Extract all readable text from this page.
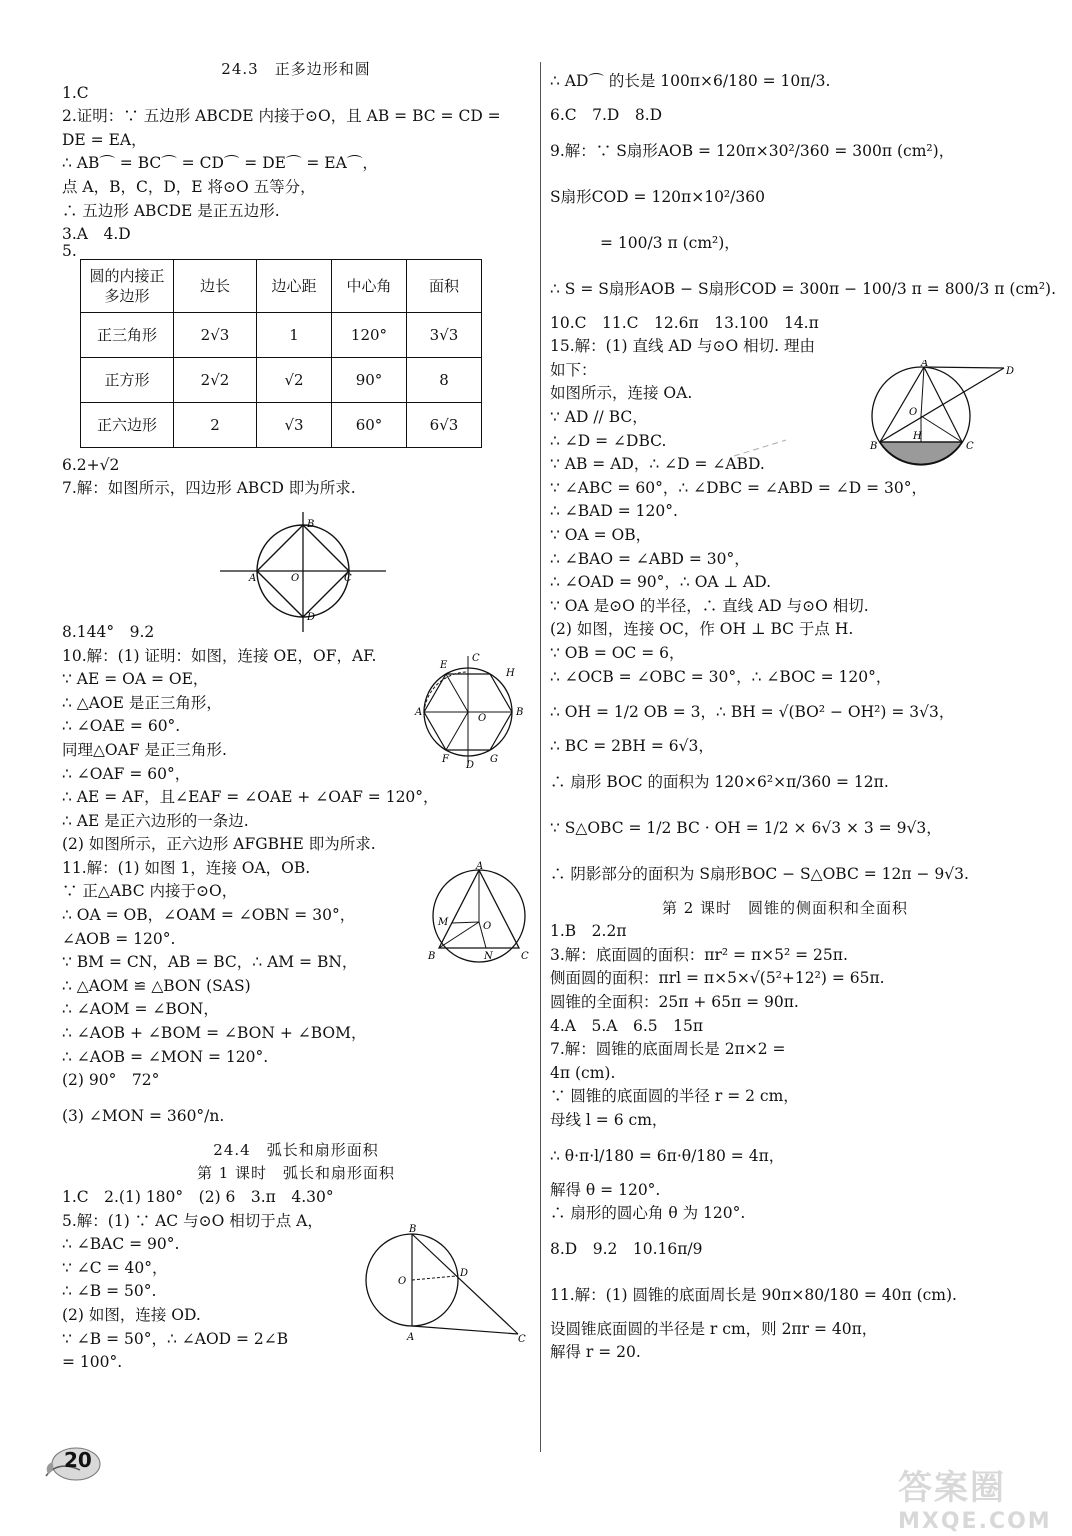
24.3　正多边形和圆
1.C
2.证明：∵ 五边形 ABCDE 内接于⊙O，且 AB = BC = CD =
DE = EA，
∴ AB⌒ = BC⌒ = CD⌒ = DE⌒ = EA⌒，
点 A，B，C，D，E 将⊙O 五等分，
∴ 五边形 ABCDE 是正五边形.
3.A　4.D
5.
圆的内接正多边形	边长	边心距	中心角	面积
正三角形	2√3	1	120°	3√3
正方形	2√2	√2	90°	8
正六边形	2	√3	60°	6√3
6.2+√2
7.解：如图所示，四边形 ABCD 即为所求.
8.144°　9.2
10.解：(1) 证明：如图，连接 OE，OF，AF.
∵ AE = OA = OE，
∴ △AOE 是正三角形，
∴ ∠OAE = 60°.
同理△OAF 是正三角形.
∴ ∠OAF = 60°，
∴ AE = AF，且∠EAF = ∠OAE + ∠OAF = 120°，
∴ AE 是正六边形的一条边.
(2) 如图所示，正六边形 AFGBHE 即为所求.
11.解：(1) 如图 1，连接 OA，OB.
∵ 正△ABC 内接于⊙O，
∴ OA = OB，∠OAM = ∠OBN = 30°，
∠AOB = 120°.
∵ BM = CN，AB = BC，∴ AM = BN，
∴ △AOM ≌ △BON (SAS)
∴ ∠AOM = ∠BON，
∴ ∠AOB + ∠BOM = ∠BON + ∠BOM，
∴ ∠AOB = ∠MON = 120°.
(2) 90°　72°
(3) ∠MON = 360°/n.
24.4　弧长和扇形面积
第 1 课时　弧长和扇形面积
1.C　2.(1) 180°　(2) 6　3.π　4.30°
5.解：(1) ∵ AC 与⊙O 相切于点 A，
∴ ∠BAC = 90°.
∵ ∠C = 40°，
∴ ∠B = 50°.
(2) 如图，连接 OD.
∵ ∠B = 50°，∴ ∠AOD = 2∠B
= 100°.
∴ AD⌒ 的长是 100π×6/180 = 10π/3.
6.C　7.D　8.D
9.解：∵ S扇形AOB = 120π×30²/360 = 300π (cm²)，
S扇形COD = 120π×10²/360
= 100/3 π (cm²)，
∴ S = S扇形AOB − S扇形COD = 300π − 100/3 π = 800/3 π (cm²).
10.C　11.C　12.6π　13.100　14.π
15.解：(1) 直线 AD 与⊙O 相切. 理由
如下：
如图所示，连接 OA.
∵ AD // BC，
∴ ∠D = ∠DBC.
∵ AB = AD，∴ ∠D = ∠ABD.
∵ ∠ABC = 60°，∴ ∠DBC = ∠ABD = ∠D = 30°，
∴ ∠BAD = 120°.
∵ OA = OB，
∴ ∠BAO = ∠ABD = 30°，
∴ ∠OAD = 90°，∴ OA ⊥ AD.
∵ OA 是⊙O 的半径，∴ 直线 AD 与⊙O 相切.
(2) 如图，连接 OC，作 OH ⊥ BC 于点 H.
∵ OB = OC = 6，
∴ ∠OCB = ∠OBC = 30°，∴ ∠BOC = 120°，
∴ OH = 1/2 OB = 3，∴ BH = √(BO² − OH²) = 3√3，
∴ BC = 2BH = 6√3，
∴ 扇形 BOC 的面积为 120×6²×π/360 = 12π.
∵ S△OBC = 1/2 BC · OH = 1/2 × 6√3 × 3 = 9√3，
∴ 阴影部分的面积为 S扇形BOC − S△OBC = 12π − 9√3.
第 2 课时　圆锥的侧面积和全面积
1.B　2.2π
3.解：底面圆的面积：πr² = π×5² = 25π.
侧面圆的面积：πrl = π×5×√(5²+12²) = 65π.
圆锥的全面积：25π + 65π = 90π.
4.A　5.A　6.5　15π
7.解：圆锥的底面周长是 2π×2 =
4π (cm).
∵ 圆锥的底面圆的半径 r = 2 cm，
母线 l = 6 cm，
∴ θ·π·l/180 = 6π·θ/180 = 4π，
解得 θ = 120°.
∴ 扇形的圆心角 θ 为 120°.
8.D　9.2　10.16π/9
11.解：(1) 圆锥的底面周长是 90π×80/180 = 40π (cm).
设圆锥底面圆的半径是 r cm，则 2πr = 40π，
解得 r = 20.
B
A	O	C
D
E
C
H
A
O
B
F
D
G
A
M	O
B	N	C
B
O
D
A	C
A
D
O
B
H
C
20
答案圈
MXQE.COM
